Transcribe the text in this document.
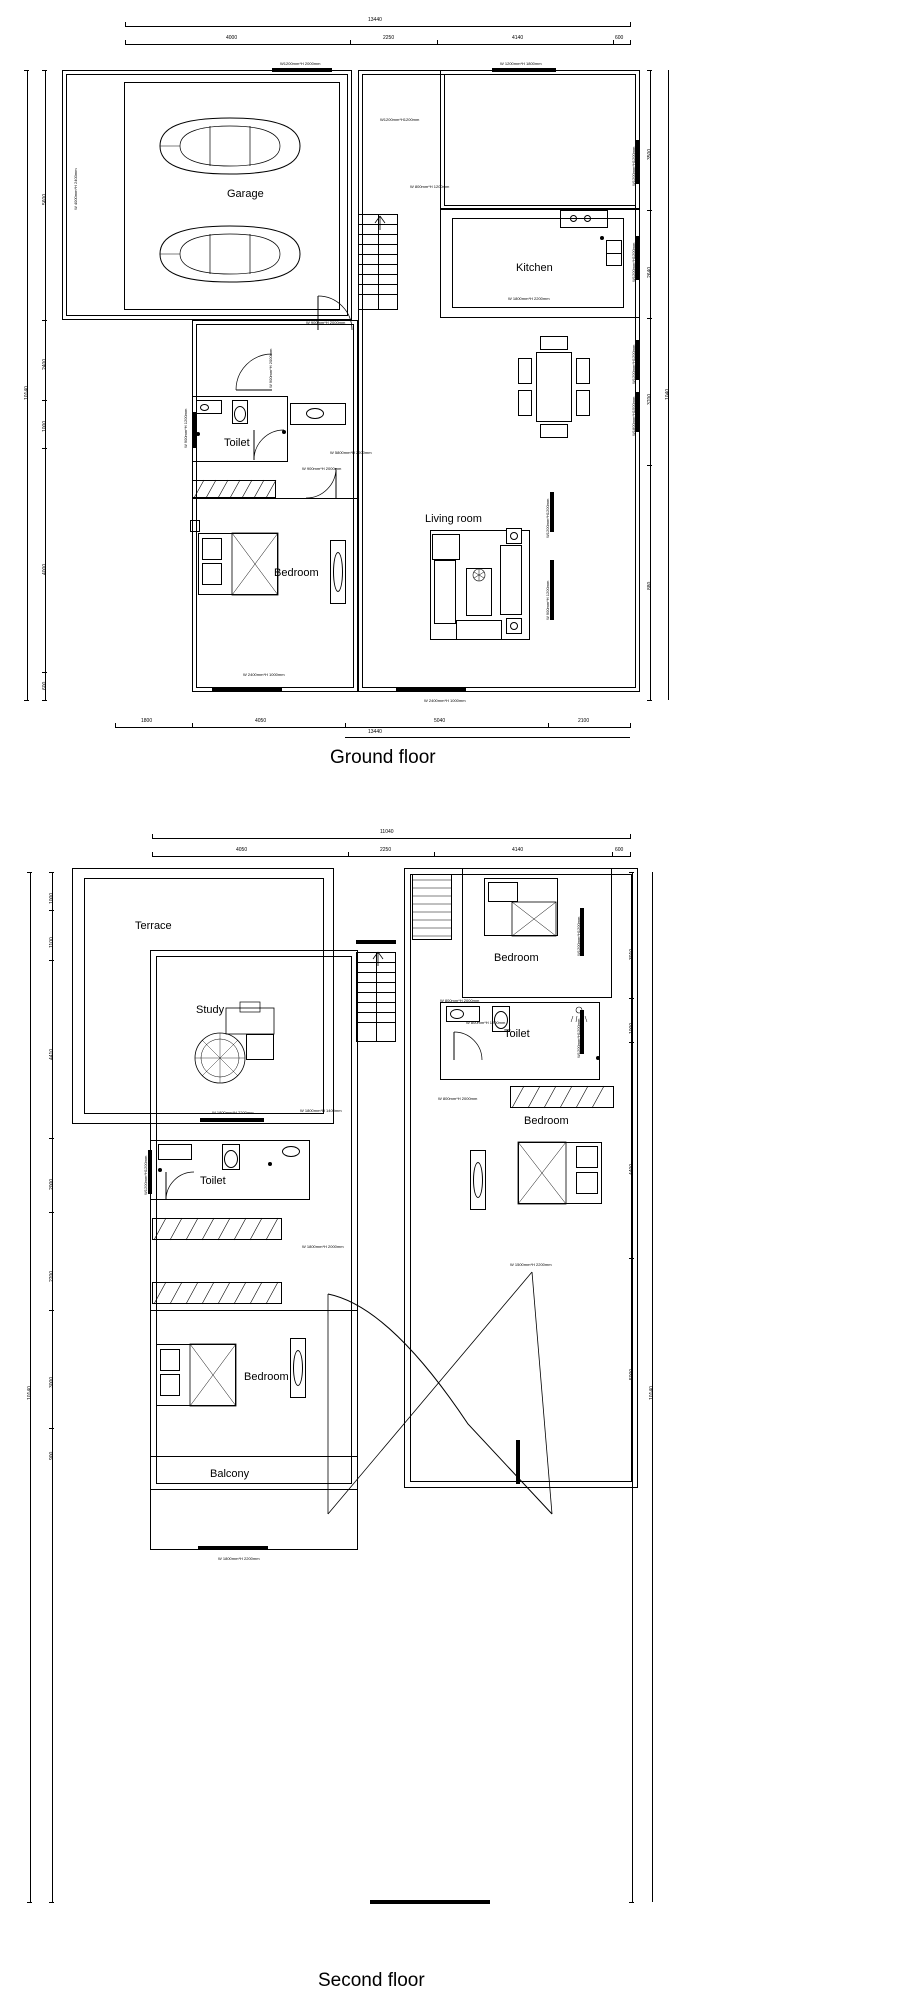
13440
4000	2250	4140	600
1800	4050	5040	2100
13440
10140
5600
2400
1000
4000
600
3500
2640
3700
880
1040
Garage
W 4000mm*H 2400mm
Kitchen
Toilet
Bedroom
Living room
W1200mm*H 2000mm	W 1200mm*H 1800mm
W1200mm*H1200mm
W 800mm*H 1200mm
W 1800mm*H 2200mm
W 900mm*H 2000mm
W 5800mm*H 2200mm
W 900mm*H 2000mm
W 2400mm*H 1000mm
W 2400mm*H 1000mm
W1200mm*H1200mm
W1200mm*H1200mm
W1200mm*H1200mm
W1800mm*H1500mm
W1200mm*H1200mm
W 900mm*H 1200mm
W 900mm*H 1200mm
W 900mm*H 2000mm
Ground floor
11040
4050	2250	4140	600
10140
1000
1100
4410
2000
2200
3000
900
3010
1000
4400
5000
10140
Terrace
Study
Toilet
Bedroom
Balcony
Bedroom
Toilet
Bedroom
W 1800mm*H 2200mm
W 800mm*H 2000mm
W 800mm*H 1200mm
W 800mm*H 2000mm
W 1800mm*H 1400mm
W 1800mm*H 2000mm
W 1800mm*H 2200mm
W 1500mm*H 2200mm
W1200mm*H1200mm
W1200mm*H1200mm
W1200mm*H1200mm
Second floor
